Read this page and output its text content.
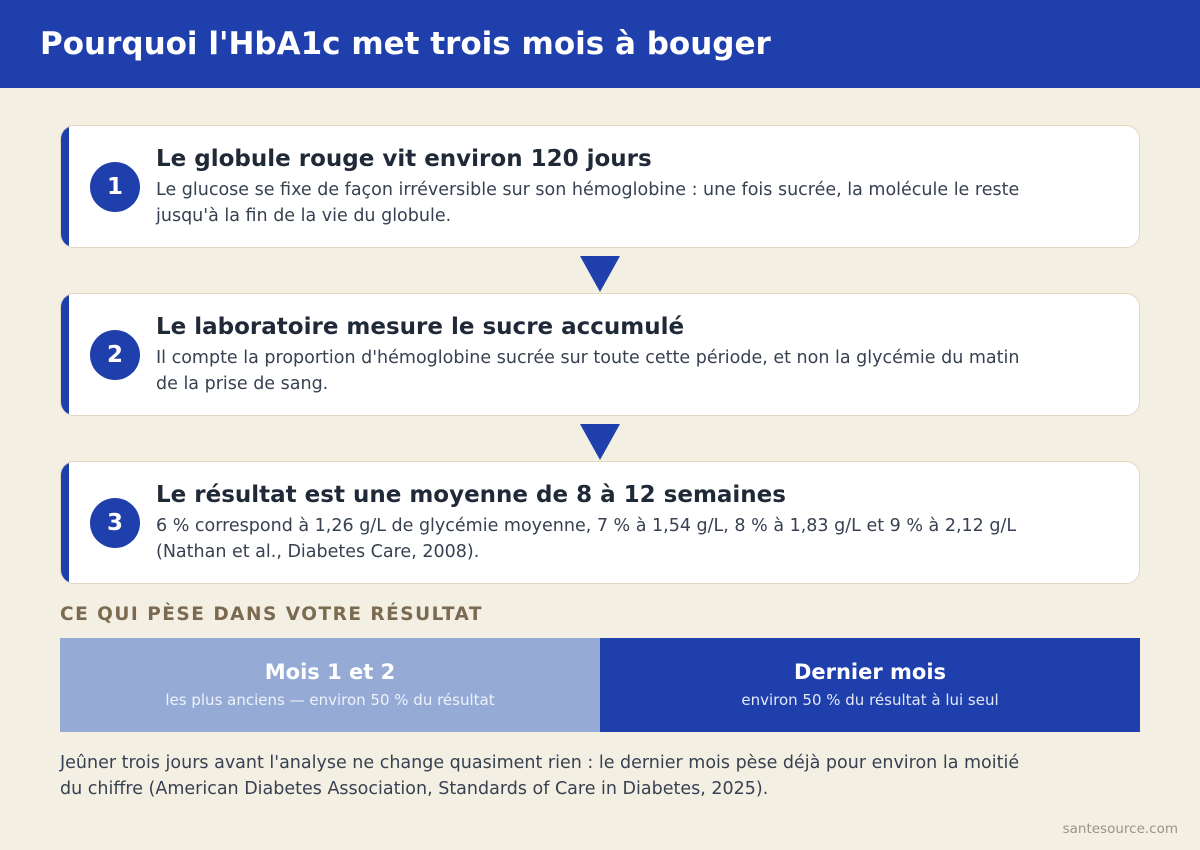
Pourquoi l'HbA1c met trois mois à bouger
1
Le globule rouge vit environ 120 jours
Le glucose se fixe de façon irréversible sur son hémoglobine : une fois sucrée, la molécule le reste jusqu'à la fin de la vie du globule.
2
Le laboratoire mesure le sucre accumulé
Il compte la proportion d'hémoglobine sucrée sur toute cette période, et non la glycémie du matin de la prise de sang.
3
Le résultat est une moyenne de 8 à 12 semaines
6 % correspond à 1,26 g/L de glycémie moyenne, 7 % à 1,54 g/L, 8 % à 1,83 g/L et 9 % à 2,12 g/L (Nathan et al., Diabetes Care, 2008).
CE QUI PÈSE DANS VOTRE RÉSULTAT
Mois 1 et 2
les plus anciens — environ 50 % du résultat
Dernier mois
environ 50 % du résultat à lui seul
Jeûner trois jours avant l'analyse ne change quasiment rien : le dernier mois pèse déjà pour environ la moitié du chiffre (American Diabetes Association, Standards of Care in Diabetes, 2025).
santesource.com
